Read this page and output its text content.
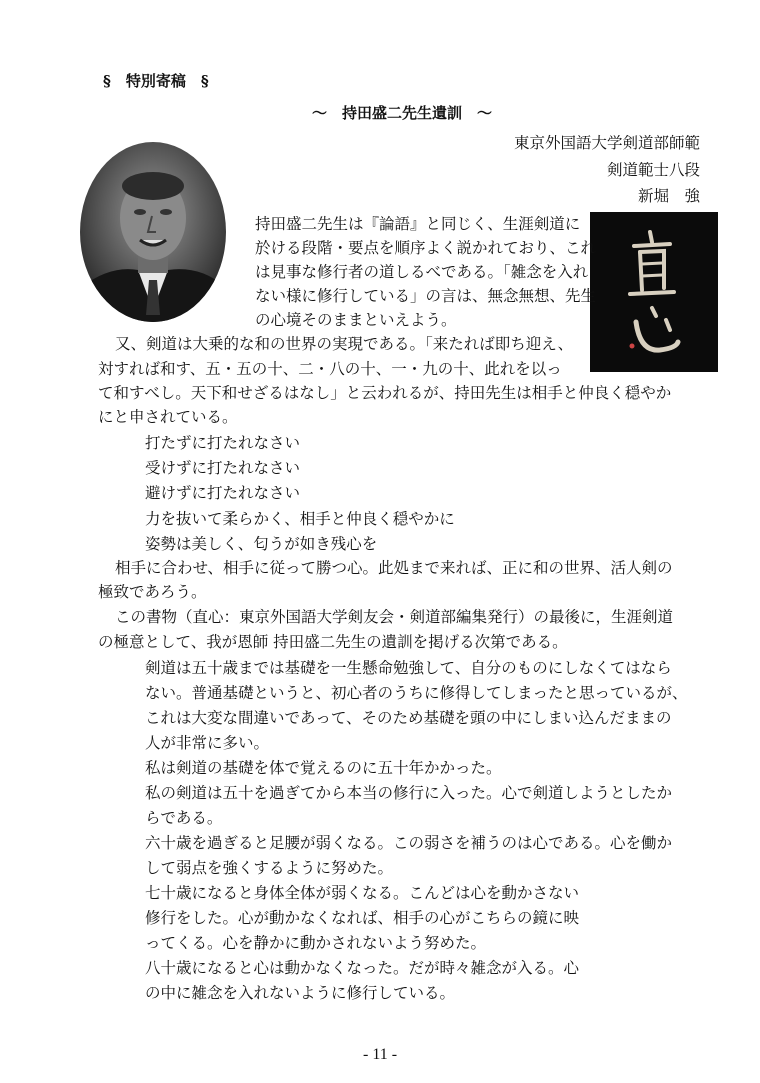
§　特別寄稿　§
～　持田盛二先生遺訓　～
東京外国語大学剣道部師範
剣道範士八段
新堀　強
持田盛二先生は『論語』と同じく、生涯剣道に
於ける段階・要点を順序よく説かれており、これ
は見事な修行者の道しるべである。「雑念を入れ
ない様に修行している」の言は、無念無想、先生
の心境そのままといえよう。
又、剣道は大乗的な和の世界の実現である。「来たれば即ち迎え、
対すれば和す、五・五の十、二・八の十、一・九の十、此れを以っ
て和すべし。天下和せざるはなし」と云われるが、持田先生は相手と仲良く穏やか
にと申されている。
打たずに打たれなさい
受けずに打たれなさい
避けずに打たれなさい
力を抜いて柔らかく、相手と仲良く穏やかに
姿勢は美しく、匂うが如き残心を
相手に合わせ、相手に従って勝つ心。此処まで来れば、正に和の世界、活人剣の
極致であろう。
この書物（直心：東京外国語大学剣友会・剣道部編集発行）の最後に，生涯剣道
の極意として、我が恩師 持田盛二先生の遺訓を掲げる次第である。
剣道は五十歳までは基礎を一生懸命勉強して、自分のものにしなくてはなら
ない。普通基礎というと、初心者のうちに修得してしまったと思っているが、
これは大変な間違いであって、そのため基礎を頭の中にしまい込んだままの
人が非常に多い。
私は剣道の基礎を体で覚えるのに五十年かかった。
私の剣道は五十を過ぎてから本当の修行に入った。心で剣道しようとしたか
らである。
六十歳を過ぎると足腰が弱くなる。この弱さを補うのは心である。心を働か
して弱点を強くするように努めた。
七十歳になると身体全体が弱くなる。こんどは心を動かさない
修行をした。心が動かなくなれば、相手の心がこちらの鏡に映
ってくる。心を静かに動かされないよう努めた。
八十歳になると心は動かなくなった。だが時々雑念が入る。心
の中に雑念を入れないように修行している。
- 11 -
